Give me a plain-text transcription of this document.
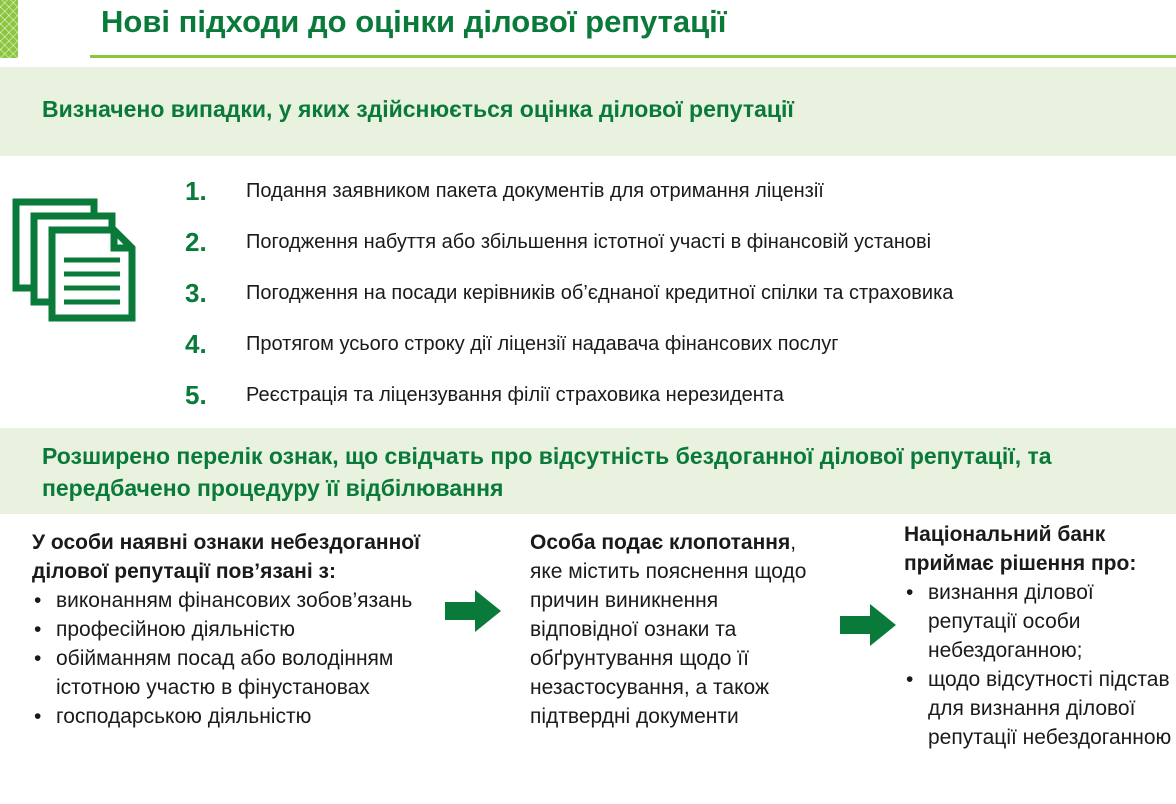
Нові підходи до оцінки ділової репутації
Визначено випадки, у яких здійснюється оцінка ділової репутації
1.	Подання заявником пакета документів для отримання ліцензії
2.	Погодження набуття або збільшення істотної участі в фінансовій установі
3.	Погодження на посади керівників об’єднаної кредитної спілки та страховика
4.	Протягом усього строку дії ліцензії надавача фінансових послуг
5.	Реєстрація та ліцензування філії страховика нерезидента
Розширено перелік ознак, що свідчать про відсутність бездоганної ділової репутації, та передбачено процедуру її відбілювання

У особи наявні ознаки небездоганної ділової репутації пов’язані з:

• виконанням фінансових зобов’язань
• професійною діяльністю
• обійманням посад або володінням істотною участю в фінустановах
• господарською діяльністю

Особа подає клопотання, яке містить пояснення щодо причин виникнення відповідної ознаки та обґрунтування щодо її незастосування, а також підтвердні документи

Національний банк приймає рішення про:

• визнання ділової репутації особи небездоганною;
• щодо відсутності підстав для визнання ділової репутації небездоганною
